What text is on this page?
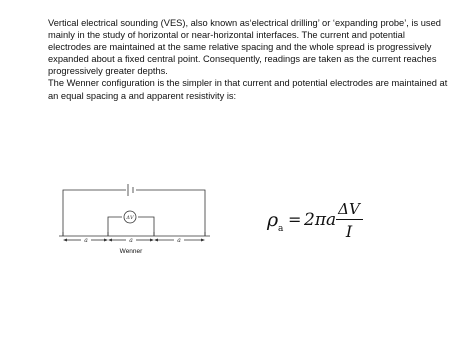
Vertical electrical sounding (VES), also known as‘electrical drilling’ or ‘expanding probe’, is used mainly in the study of horizontal or near-horizontal interfaces. The current and potential electrodes are maintained at the same relative spacing and the whole spread is progressively expanded about a fixed central point. Consequently, readings are taken as the current reaches progressively greater depths.

The Wenner configuration is the simpler in that current and potential electrodes are maintained at an equal spacing a and apparent resistivity is:

ΔV
a	a	a
Wenner
ρ a = 2πa
ΔV
I
